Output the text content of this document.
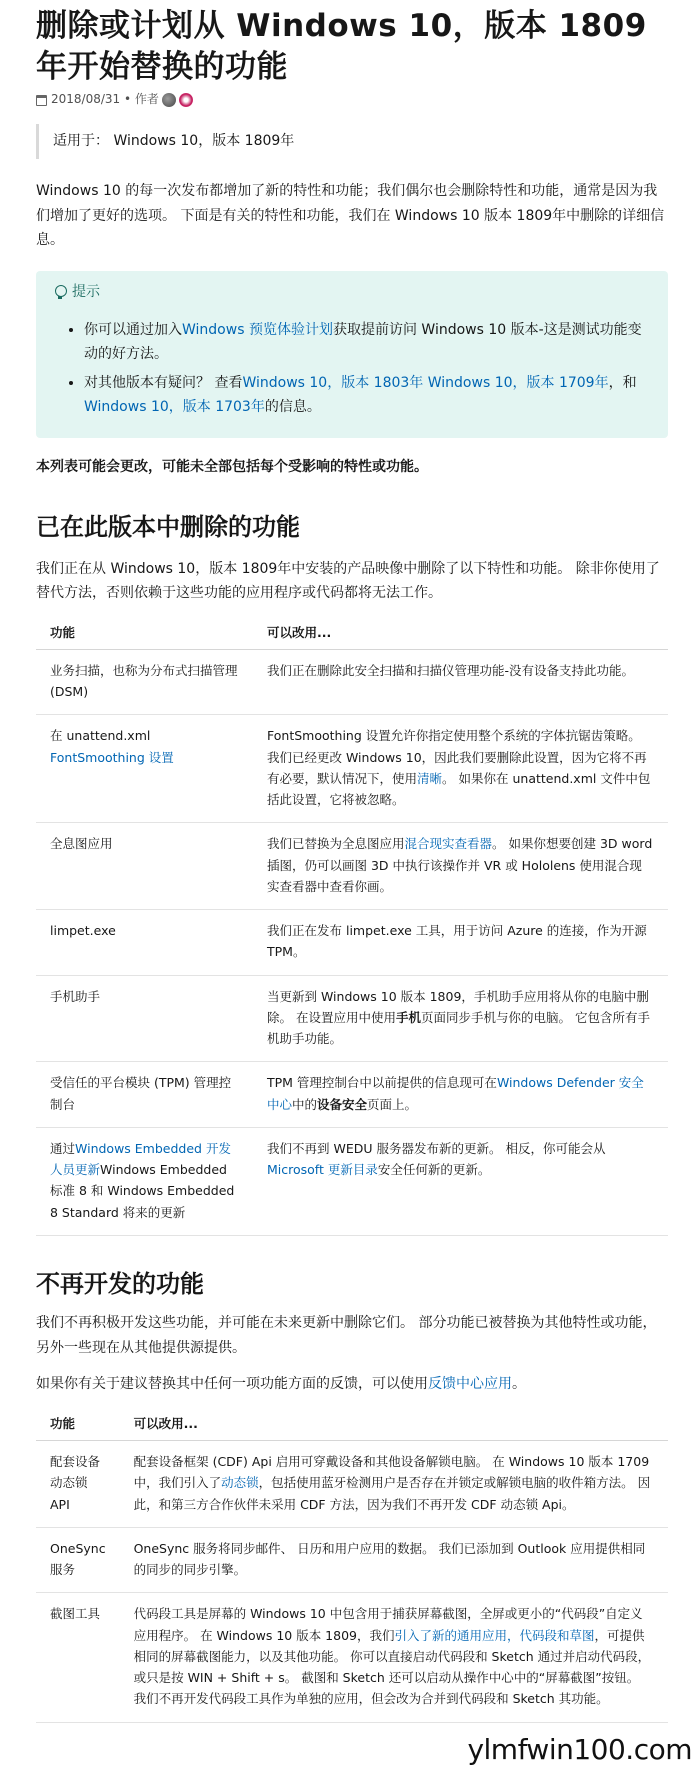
删除或计划从 Windows 10，版本 1809年开始替换的功能
2018/08/31 • 作者
适用于： Windows 10，版本 1809年

Windows 10 的每一次发布都增加了新的特性和功能；我们偶尔也会删除特性和功能，通常是因为我们增加了更好的选项。 下面是有关的特性和功能，我们在 Windows 10 版本 1809年中删除的详细信息。

提示
• 你可以通过加入Windows 预览体验计划获取提前访问 Windows 10 版本-这是测试功能变动的好方法。
• 对其他版本有疑问？ 查看Windows 10，版本 1803年 Windows 10，版本 1709年，和 Windows 10，版本 1703年的信息。

本列表可能会更改，可能未全部包括每个受影响的特性或功能。

已在此版本中删除的功能

我们正在从 Windows 10，版本 1809年中安装的产品映像中删除了以下特性和功能。 除非你使用了替代方法，否则依赖于这些功能的应用程序或代码都将无法工作。

功能	可以改用...
业务扫描，也称为分布式扫描管理 (DSM)	我们正在删除此安全扫描和扫描仪管理功能-没有设备支持此功能。
在 unattend.xml FontSmoothing 设置	FontSmoothing 设置允许你指定使用整个系统的字体抗锯齿策略。 我们已经更改 Windows 10，因此我们要删除此设置，因为它将不再有必要，默认情况下，使用清晰。 如果你在 unattend.xml 文件中包括此设置，它将被忽略。
全息图应用	我们已替换为全息图应用混合现实查看器。 如果你想要创建 3D word 插图，仍可以画图 3D 中执行该操作并 VR 或 Hololens 使用混合现实查看器中查看你画。
limpet.exe	我们正在发布 limpet.exe 工具，用于访问 Azure 的连接，作为开源 TPM。
手机助手	当更新到 Windows 10 版本 1809，手机助手应用将从你的电脑中删除。 在设置应用中使用手机页面同步手机与你的电脑。 它包含所有手机助手功能。
受信任的平台模块 (TPM) 管理控制台	TPM 管理控制台中以前提供的信息现可在Windows Defender 安全中心中的设备安全页面上。
通过Windows Embedded 开发人员更新Windows Embedded 标准 8 和 Windows Embedded 8 Standard 将来的更新	我们不再到 WEDU 服务器发布新的更新。 相反，你可能会从 Microsoft 更新目录安全任何新的更新。
不再开发的功能

我们不再积极开发这些功能，并可能在未来更新中删除它们。 部分功能已被替换为其他特性或功能，另外一些现在从其他提供源提供。

如果你有关于建议替换其中任何一项功能方面的反馈，可以使用反馈中心应用。

功能	可以改用...
配套设备动态锁 API	配套设备框架 (CDF) Api 启用可穿戴设备和其他设备解锁电脑。 在 Windows 10 版本 1709 中，我们引入了动态锁，包括使用蓝牙检测用户是否存在并锁定或解锁电脑的收件箱方法。 因此，和第三方合作伙伴未采用 CDF 方法，因为我们不再开发 CDF 动态锁 Api。
OneSync 服务	OneSync 服务将同步邮件、 日历和用户应用的数据。 我们已添加到 Outlook 应用提供相同的同步的同步引擎。
截图工具	代码段工具是屏幕的 Windows 10 中包含用于捕获屏幕截图，全屏或更小的“代码段”自定义应用程序。 在 Windows 10 版本 1809，我们引入了新的通用应用，代码段和草图，可提供相同的屏幕截图能力，以及其他功能。 你可以直接启动代码段和 Sketch 通过并启动代码段，或只是按 WIN + Shift + s。 截图和 Sketch 还可以启动从操作中心中的“屏幕截图”按钮。 我们不再开发代码段工具作为单独的应用，但会改为合并到代码段和 Sketch 其功能。
ylmfwin100.com
